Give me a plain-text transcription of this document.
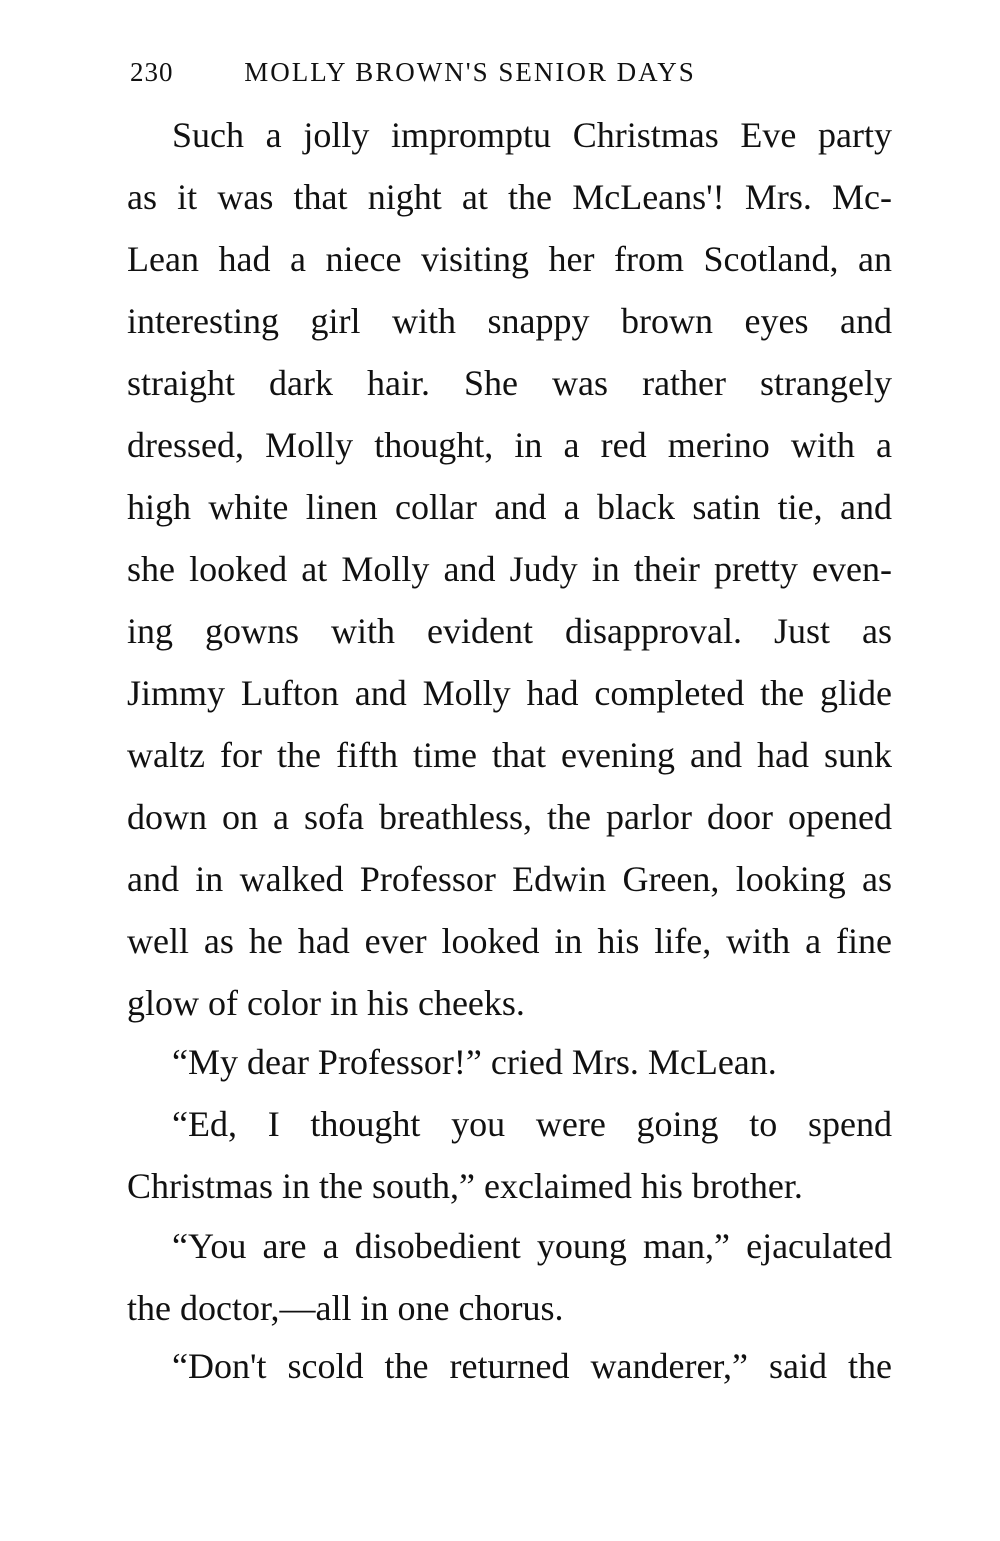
230	MOLLY BROWN'S SENIOR DAYS
Such a jolly impromptu Christmas Eve party
as it was that night at the McLeans'! Mrs. Mc-
Lean had a niece visiting her from Scotland, an
interesting girl with snappy brown eyes and
straight dark hair. She was rather strangely
dressed, Molly thought, in a red merino with a
high white linen collar and a black satin tie, and
she looked at Molly and Judy in their pretty even-
ing gowns with evident disapproval. Just as
Jimmy Lufton and Molly had completed the glide
waltz for the fifth time that evening and had sunk
down on a sofa breathless, the parlor door opened
and in walked Professor Edwin Green, looking as
well as he had ever looked in his life, with a fine
glow of color in his cheeks.
“My dear Professor!” cried Mrs. McLean.
“Ed, I thought you were going to spend
Christmas in the south,” exclaimed his brother.
“You are a disobedient young man,” ejaculated
the doctor,—all in one chorus.
“Don't scold the returned wanderer,” said the
